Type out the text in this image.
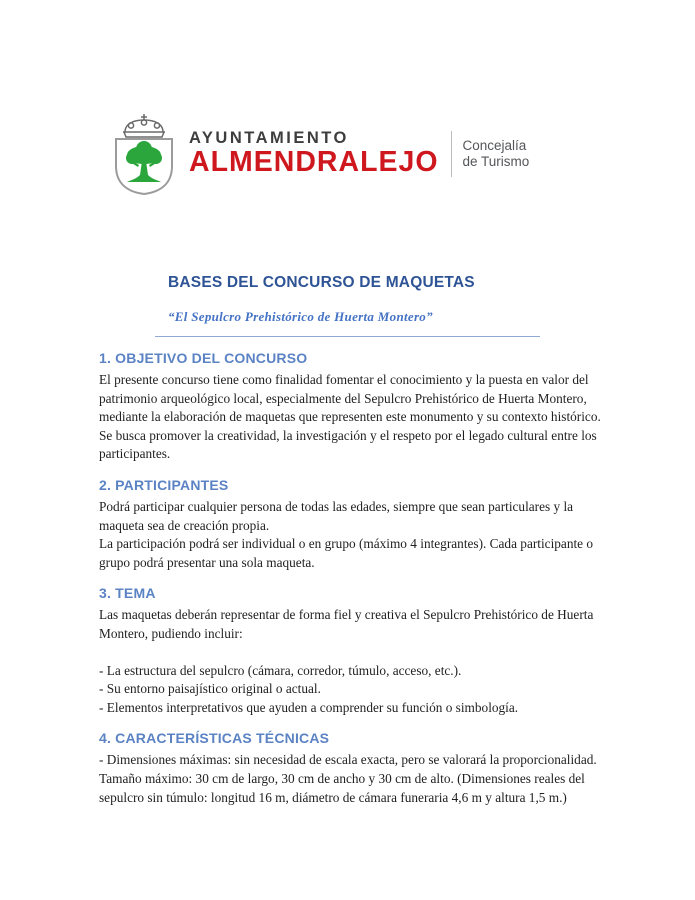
AYUNTAMIENTO
ALMENDRALEJO
Concejalía
de Turismo
BASES DEL CONCURSO DE MAQUETAS
“El Sepulcro Prehistórico de Huerta Montero”
1. OBJETIVO DEL CONCURSO

El presente concurso tiene como finalidad fomentar el conocimiento y la puesta en valor del patrimonio arqueológico local, especialmente del Sepulcro Prehistórico de Huerta Montero, mediante la elaboración de maquetas que representen este monumento y su contexto histórico. Se busca promover la creatividad, la investigación y el respeto por el legado cultural entre los participantes.

2. PARTICIPANTES

Podrá participar cualquier persona de todas las edades, siempre que sean particulares y la maqueta sea de creación propia.

La participación podrá ser individual o en grupo (máximo 4 integrantes). Cada participante o grupo podrá presentar una sola maqueta.

3. TEMA

Las maquetas deberán representar de forma fiel y creativa el Sepulcro Prehistórico de Huerta Montero, pudiendo incluir:

- La estructura del sepulcro (cámara, corredor, túmulo, acceso, etc.).
- Su entorno paisajístico original o actual.
- Elementos interpretativos que ayuden a comprender su función o simbología.
4. CARACTERÍSTICAS TÉCNICAS

- Dimensiones máximas: sin necesidad de escala exacta, pero se valorará la proporcionalidad. Tamaño máximo: 30 cm de largo, 30 cm de ancho y 30 cm de alto. (Dimensiones reales del sepulcro sin túmulo: longitud 16 m, diámetro de cámara funeraria 4,6 m y altura 1,5 m.)
